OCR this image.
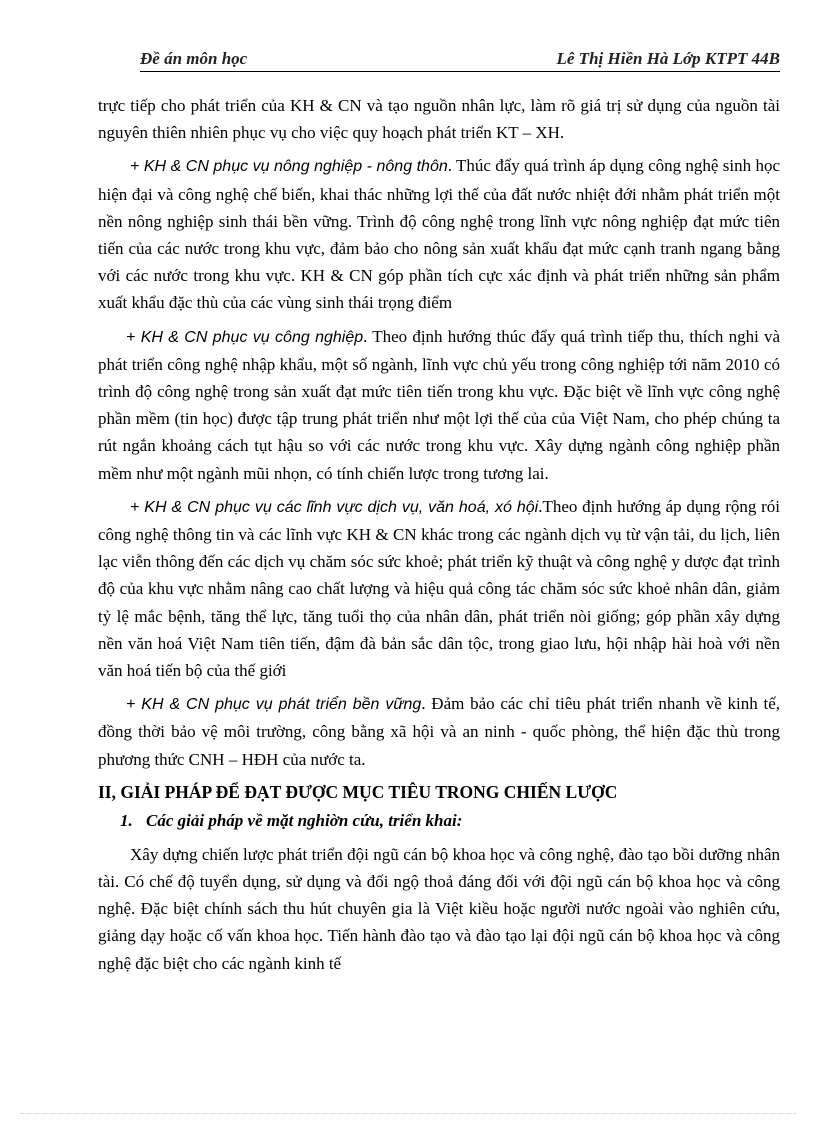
Đề án môn học	Lê Thị Hiền Hà Lớp KTPT 44B

trực tiếp cho phát triển của KH & CN và tạo nguồn nhân lực, làm rõ giá trị sử dụng của nguồn tài nguyên thiên nhiên phục vụ cho việc quy hoạch phát triển KT – XH.

+ KH & CN phục vụ nông nghiệp - nông thôn. Thúc đẩy quá trình áp dụng công nghệ sinh học hiện đại và công nghệ chế biến, khai thác những lợi thế của đất nước nhiệt đới nhằm phát triển một nền nông nghiệp sinh thái bền vững. Trình độ công nghệ trong lĩnh vực nông nghiệp đạt mức tiên tiến của các nước trong khu vực, đảm bảo cho nông sản xuất khẩu đạt mức cạnh tranh ngang bằng với các nước trong khu vực. KH & CN góp phần tích cực xác định và phát triển những sản phẩm xuất khẩu đặc thù của các vùng sinh thái trọng điểm

+ KH & CN phục vụ công nghiệp. Theo định hướng thúc đẩy quá trình tiếp thu, thích nghi và phát triển công nghệ nhập khẩu, một số ngành, lĩnh vực chủ yếu trong công nghiệp tới năm 2010 có trình độ công nghệ trong sản xuất đạt mức tiên tiến trong khu vực. Đặc biệt về lĩnh vực công nghệ phần mềm (tin học) được tập trung phát triển như một lợi thế của của Việt Nam, cho phép chúng ta rút ngắn khoảng cách tụt hậu so với các nước trong khu vực. Xây dựng ngành công nghiệp phần mềm như một ngành mũi nhọn, có tính chiến lược trong tương lai.

+ KH & CN phục vụ các lĩnh vực dịch vụ, văn hoá, xó hội.Theo định hướng áp dụng rộng rói công nghệ thông tin và các lĩnh vực KH & CN khác trong các ngành dịch vụ từ vận tải, du lịch, liên lạc viễn thông đến các dịch vụ chăm sóc sức khoẻ; phát triển kỹ thuật và công nghệ y dược đạt trình độ của khu vực nhằm nâng cao chất lượng và hiệu quả công tác chăm sóc sức khoẻ nhân dân, giảm tỷ lệ mắc bệnh, tăng thể lực, tăng tuổi thọ của nhân dân, phát triển nòi giống; góp phần xây dựng nền văn hoá Việt Nam tiên tiến, đậm đà bản sắc dân tộc, trong giao lưu, hội nhập hài hoà với nền văn hoá tiến bộ của thế giới

+ KH & CN phục vụ phát triển bền vững. Đảm bảo các chỉ tiêu phát triển nhanh về kinh tế, đồng thời bảo vệ môi trường, công bằng xã hội và an ninh - quốc phòng, thể hiện đặc thù trong phương thức CNH – HĐH của nước ta.

II, GIẢI PHÁP ĐỂ ĐẠT ĐƯỢC MỤC TIÊU TRONG CHIẾN LƯỢC

1. Các giải pháp về mặt nghiờn cứu, triển khai:

Xây dựng chiến lược phát triển đội ngũ cán bộ khoa học và công nghệ, đào tạo bồi dưỡng nhân tài. Có chế độ tuyển dụng, sử dụng và đối ngộ thoả đáng đối với đội ngũ cán bộ khoa học và công nghệ. Đặc biệt chính sách thu hút chuyên gia là Việt kiều hoặc người nước ngoài vào nghiên cứu, giảng dạy hoặc cố vấn khoa học. Tiến hành đào tạo và đào tạo lại đội ngũ cán bộ khoa học và công nghệ đặc biệt cho các ngành kinh tế
